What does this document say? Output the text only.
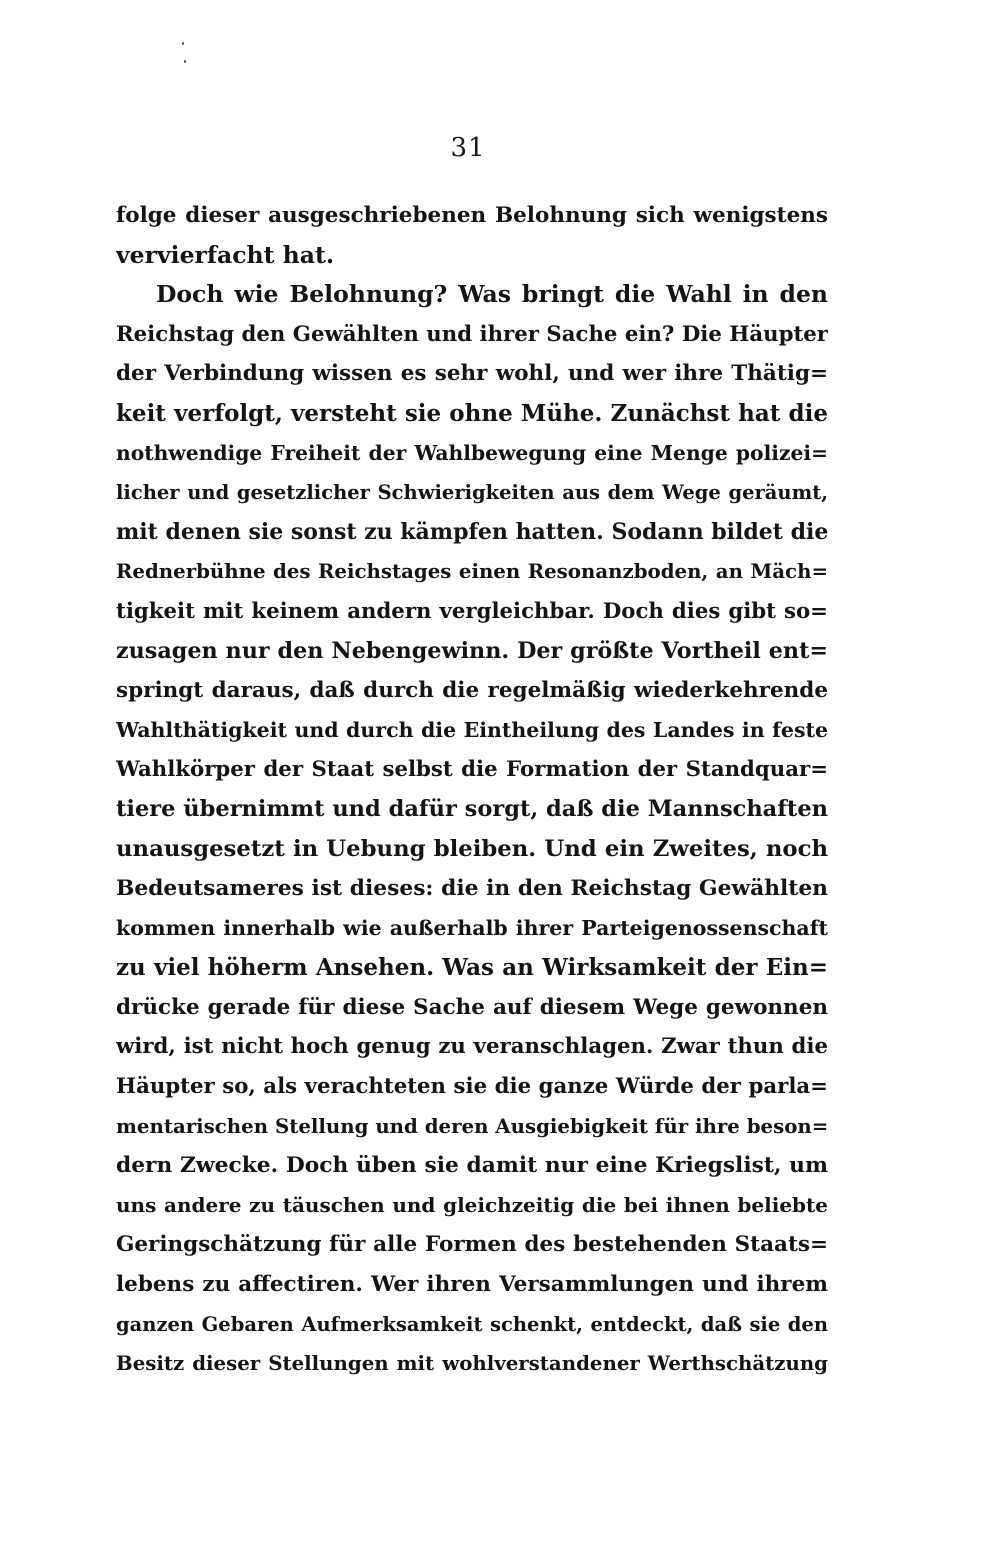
31
folge dieser ausgeschriebenen Belohnung sich wenigstens
vervierfacht hat.
Doch wie Belohnung? Was bringt die Wahl in den
Reichstag den Gewählten und ihrer Sache ein? Die Häupter
der Verbindung wissen es sehr wohl, und wer ihre Thätig=
keit verfolgt, versteht sie ohne Mühe. Zunächst hat die
nothwendige Freiheit der Wahlbewegung eine Menge polizei=
licher und gesetzlicher Schwierigkeiten aus dem Wege geräumt,
mit denen sie sonst zu kämpfen hatten. Sodann bildet die
Rednerbühne des Reichstages einen Resonanzboden, an Mäch=
tigkeit mit keinem andern vergleichbar. Doch dies gibt so=
zusagen nur den Nebengewinn. Der größte Vortheil ent=
springt daraus, daß durch die regelmäßig wiederkehrende
Wahlthätigkeit und durch die Eintheilung des Landes in feste
Wahlkörper der Staat selbst die Formation der Standquar=
tiere übernimmt und dafür sorgt, daß die Mannschaften
unausgesetzt in Uebung bleiben. Und ein Zweites, noch
Bedeutsameres ist dieses: die in den Reichstag Gewählten
kommen innerhalb wie außerhalb ihrer Parteigenossenschaft
zu viel höherm Ansehen. Was an Wirksamkeit der Ein=
drücke gerade für diese Sache auf diesem Wege gewonnen
wird, ist nicht hoch genug zu veranschlagen. Zwar thun die
Häupter so, als verachteten sie die ganze Würde der parla=
mentarischen Stellung und deren Ausgiebigkeit für ihre beson=
dern Zwecke. Doch üben sie damit nur eine Kriegslist, um
uns andere zu täuschen und gleichzeitig die bei ihnen beliebte
Geringschätzung für alle Formen des bestehenden Staats=
lebens zu affectiren. Wer ihren Versammlungen und ihrem
ganzen Gebaren Aufmerksamkeit schenkt, entdeckt, daß sie den
Besitz dieser Stellungen mit wohlverstandener Werthschätzung
